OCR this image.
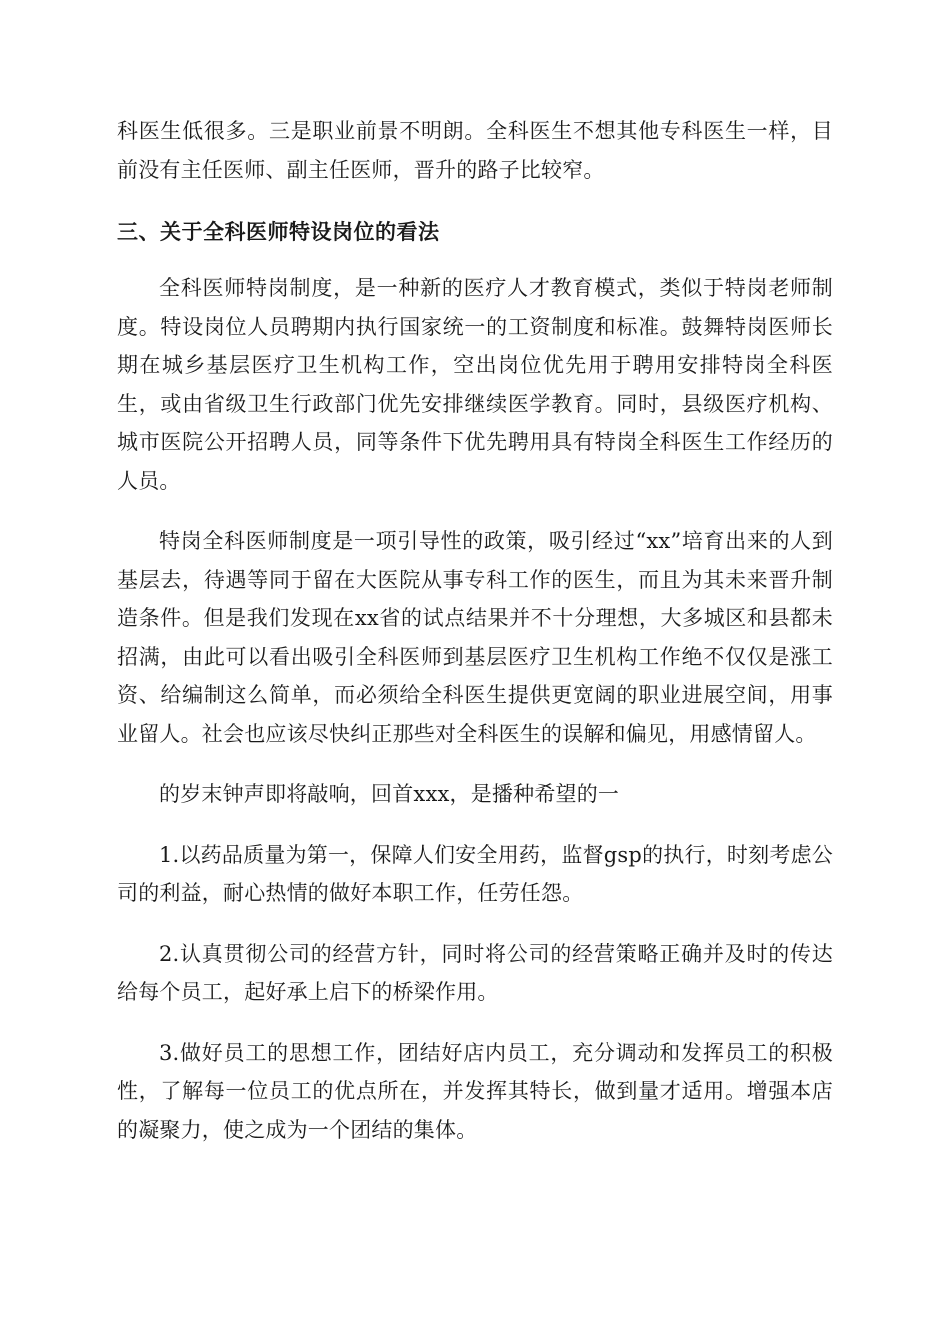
科医生低很多。三是职业前景不明朗。全科医生不想其他专科医生一样，目前没有主任医师、副主任医师，晋升的路子比较窄。

三、关于全科医师特设岗位的看法

全科医师特岗制度，是一种新的医疗人才教育模式，类似于特岗老师制度。特设岗位人员聘期内执行国家统一的工资制度和标准。鼓舞特岗医师长期在城乡基层医疗卫生机构工作，空出岗位优先用于聘用安排特岗全科医生，或由省级卫生行政部门优先安排继续医学教育。同时，县级医疗机构、城市医院公开招聘人员，同等条件下优先聘用具有特岗全科医生工作经历的人员。

特岗全科医师制度是一项引导性的政策，吸引经过“xx”培育出来的人到基层去，待遇等同于留在大医院从事专科工作的医生，而且为其未来晋升制造条件。但是我们发现在xx省的试点结果并不十分理想，大多城区和县都未招满，由此可以看出吸引全科医师到基层医疗卫生机构工作绝不仅仅是涨工资、给编制这么简单，而必须给全科医生提供更宽阔的职业进展空间，用事业留人。社会也应该尽快纠正那些对全科医生的误解和偏见，用感情留人。

的岁末钟声即将敲响，回首xxx，是播种希望的一

1.以药品质量为第一，保障人们安全用药，监督gsp的执行，时刻考虑公司的利益，耐心热情的做好本职工作，任劳任怨。

2.认真贯彻公司的经营方针，同时将公司的经营策略正确并及时的传达给每个员工，起好承上启下的桥梁作用。

3.做好员工的思想工作，团结好店内员工，充分调动和发挥员工的积极性，了解每一位员工的优点所在，并发挥其特长，做到量才适用。增强本店的凝聚力，使之成为一个团结的集体。
